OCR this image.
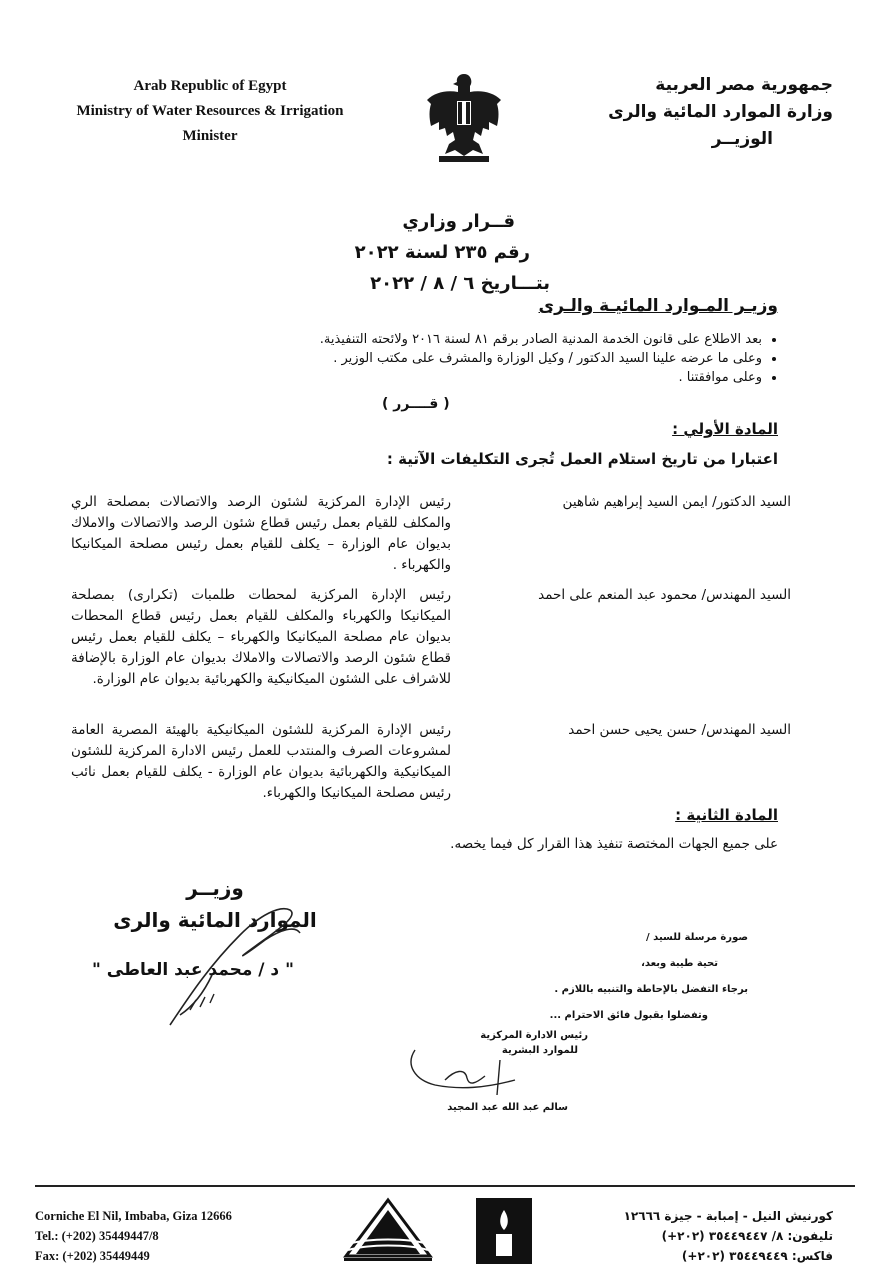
Arab Republic of Egypt
Ministry of Water Resources & Irrigation
Minister
جمهورية مصر العربية
وزارة الموارد المائية والرى
الوزيــر
قــرار وزاري
رقم ٢٣٥ لسنة ٢٠٢٢
بتـــاريخ ٦ / ٨ / ٢٠٢٢
وزيـر المـوارد المائيـة والـرى
• بعد الاطلاع على قانون الخدمة المدنية الصادر برقم ٨١ لسنة ٢٠١٦ ولائحته التنفيذية.
• وعلى ما عرضه علينا السيد الدكتور / وكيل الوزارة والمشرف على مكتب الوزير .
• وعلى موافقتنا .
( قــــرر )
المادة الأولي :
اعتبارا من تاريخ استلام العمل تُجرى التكليفات الآتية :
السيد الدكتور/ ايمن السيد إبراهيم شاهين
رئيس الإدارة المركزية لشئون الرصد والاتصالات بمصلحة الري والمكلف للقيام بعمل رئيس قطاع شئون الرصد والاتصالات والاملاك بديوان عام الوزارة – يكلف للقيام بعمل رئيس مصلحة الميكانيكا والكهرباء .
السيد المهندس/ محمود عبد المنعم على احمد
رئيس الإدارة المركزية لمحطات طلمبات (تكرارى) بمصلحة الميكانيكا والكهرباء والمكلف للقيام بعمل رئيس قطاع المحطات بديوان عام مصلحة الميكانيكا والكهرباء – يكلف للقيام بعمل رئيس قطاع شئون الرصد والاتصالات والاملاك بديوان عام الوزارة بالإضافة للاشراف على الشئون الميكانيكية والكهربائية بديوان عام الوزارة.
السيد المهندس/ حسن يحيى حسن احمد
رئيس الإدارة المركزية للشئون الميكانيكية بالهيئة المصرية العامة لمشروعات الصرف والمنتدب للعمل رئيس الادارة المركزية للشئون الميكانيكية والكهربائية بديوان عام الوزارة - يكلف للقيام بعمل نائب رئيس مصلحة الميكانيكا والكهرباء.
المادة الثانية :
على جميع الجهات المختصة تنفيذ هذا القرار كل فيما يخصه.
وزيــر
الموارد المائية والرى
" د / محمد عبد العاطى "
صورة مرسلة للسيد /
تحية طيبة وبعد،
برجاء التفضل بالإحاطة والتنبيه باللازم .
وتفضلوا بقبول فائق الاحترام ...
رئيس الادارة المركزية
للموارد البشرية
سالم عبد الله عبد المجيد
Corniche El Nil, Imbaba, Giza 12666
Tel.: (+202) 35449447/8
Fax: (+202) 35449449
كورنيش النيل - إمبابة - جيزة ١٢٦٦٦
تليفون: ٨/ ٣٥٤٤٩٤٤٧ (٢٠٢+)
فاكس: ٣٥٤٤٩٤٤٩ (٢٠٢+)
